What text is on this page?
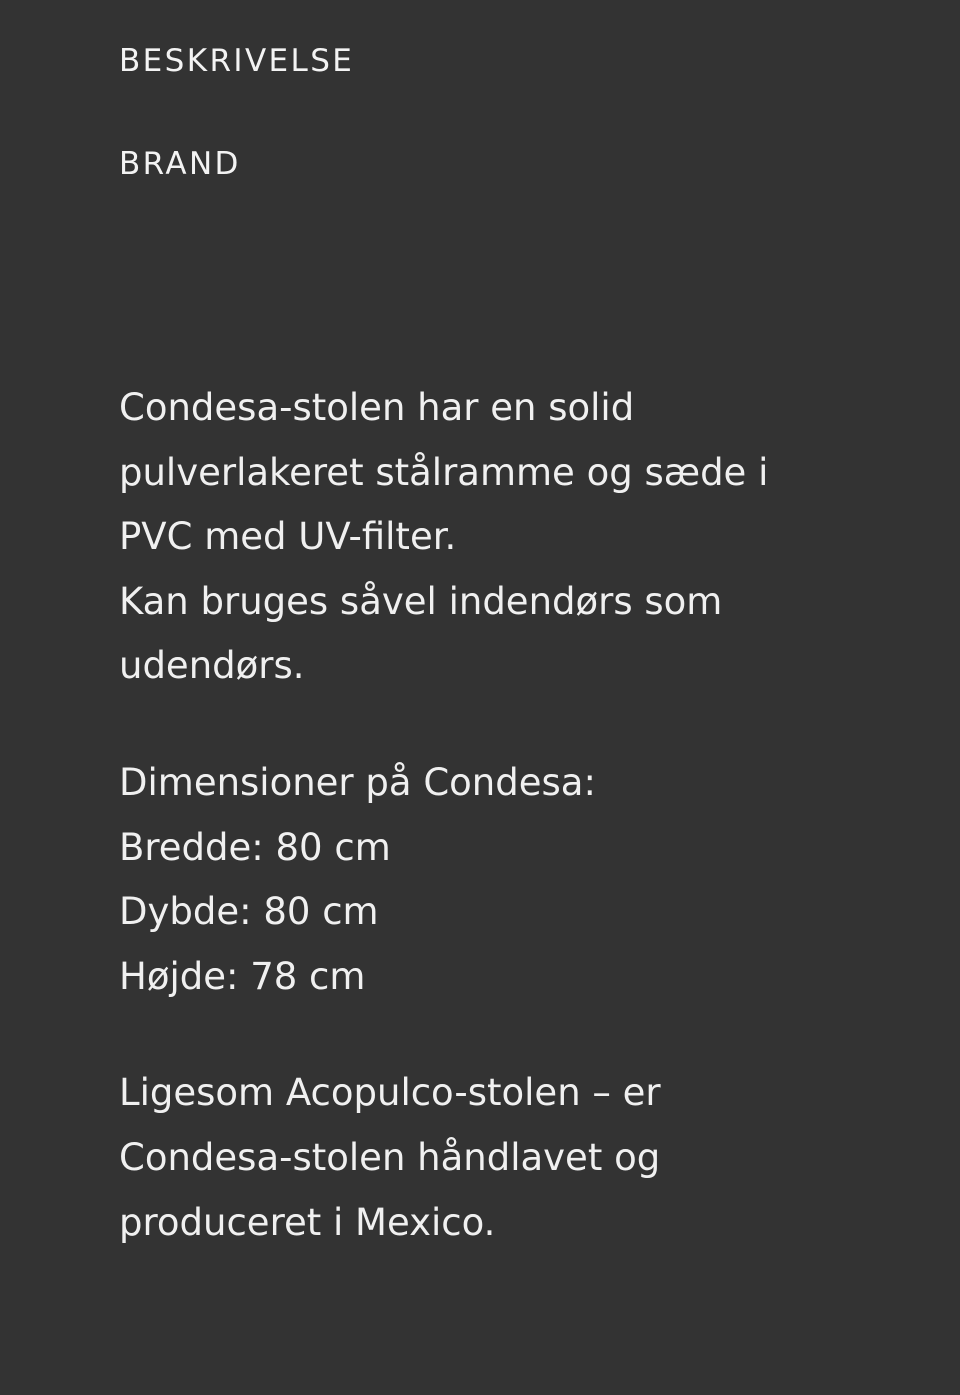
BESKRIVELSE
BRAND

Condesa-stolen har en solid

pulverlakeret stålramme og sæde i

PVC med UV-filter.

Kan bruges såvel indendørs som

udendørs.

Dimensioner på Condesa:

Bredde: 80 cm

Dybde: 80 cm

Højde: 78 cm

Ligesom Acopulco-stolen – er

Condesa-stolen håndlavet og

produceret i Mexico.
